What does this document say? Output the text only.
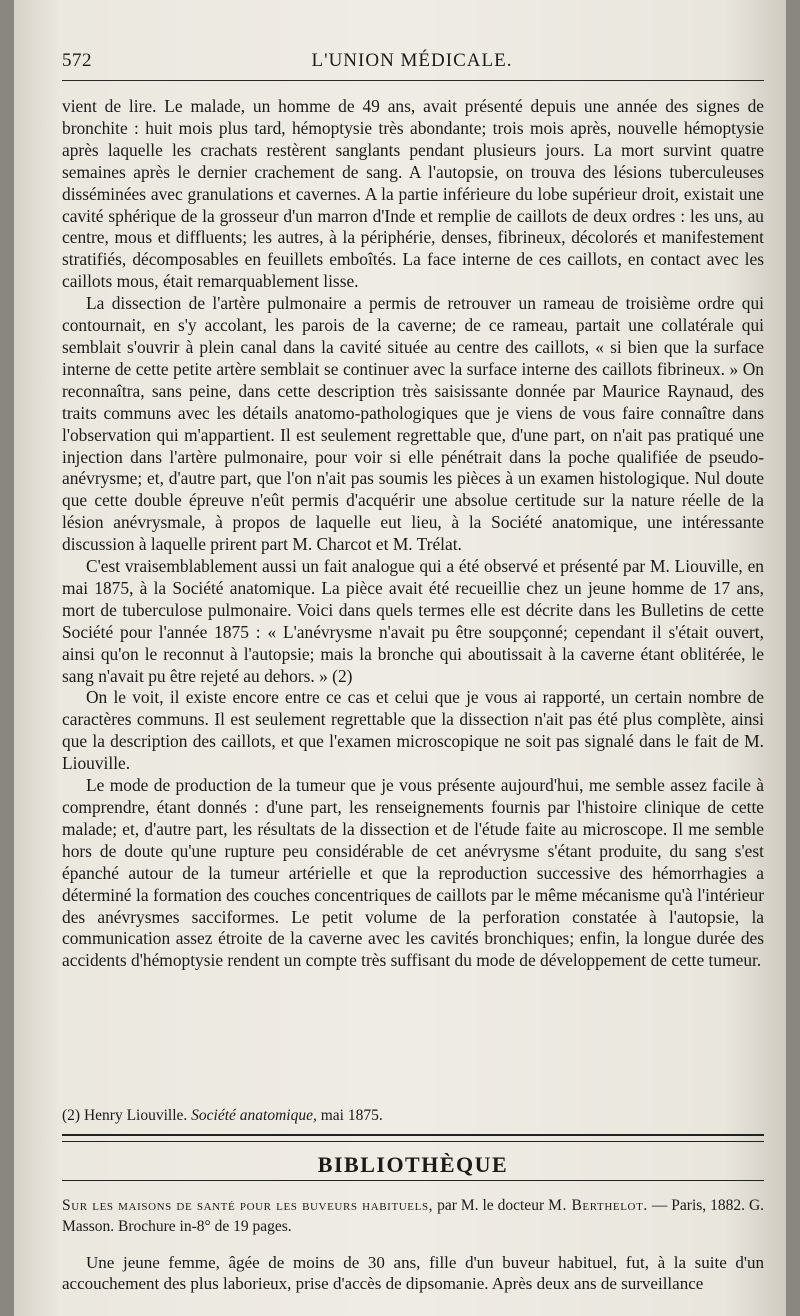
572	L'UNION MÉDICALE.

vient de lire. Le malade, un homme de 49 ans, avait présenté depuis une année des signes de bronchite : huit mois plus tard, hémoptysie très abondante; trois mois après, nouvelle hémoptysie après laquelle les crachats restèrent sanglants pendant plusieurs jours. La mort survint quatre semaines après le dernier crachement de sang. A l'autopsie, on trouva des lésions tuberculeuses disséminées avec granulations et cavernes. A la partie inférieure du lobe supérieur droit, existait une cavité sphérique de la grosseur d'un marron d'Inde et remplie de caillots de deux ordres : les uns, au centre, mous et diffluents; les autres, à la périphérie, denses, fibrineux, décolorés et manifestement stratifiés, décomposables en feuillets emboîtés. La face interne de ces caillots, en contact avec les caillots mous, était remarquablement lisse.

La dissection de l'artère pulmonaire a permis de retrouver un rameau de troisième ordre qui contournait, en s'y accolant, les parois de la caverne; de ce rameau, partait une collatérale qui semblait s'ouvrir à plein canal dans la cavité située au centre des caillots, « si bien que la surface interne de cette petite artère semblait se continuer avec la surface interne des caillots fibrineux. » On reconnaîtra, sans peine, dans cette description très saisissante donnée par Maurice Raynaud, des traits communs avec les détails anatomo-pathologiques que je viens de vous faire connaître dans l'observation qui m'appartient. Il est seulement regrettable que, d'une part, on n'ait pas pratiqué une injection dans l'artère pulmonaire, pour voir si elle pénétrait dans la poche qualifiée de pseudo-anévrysme; et, d'autre part, que l'on n'ait pas soumis les pièces à un examen histologique. Nul doute que cette double épreuve n'eût permis d'acquérir une absolue certitude sur la nature réelle de la lésion anévrysmale, à propos de laquelle eut lieu, à la Société anatomique, une intéressante discussion à laquelle prirent part M. Charcot et M. Trélat.

C'est vraisemblablement aussi un fait analogue qui a été observé et présenté par M. Liouville, en mai 1875, à la Société anatomique. La pièce avait été recueillie chez un jeune homme de 17 ans, mort de tuberculose pulmonaire. Voici dans quels termes elle est décrite dans les Bulletins de cette Société pour l'année 1875 : « L'anévrysme n'avait pu être soupçonné; cependant il s'était ouvert, ainsi qu'on le reconnut à l'autopsie; mais la bronche qui aboutissait à la caverne étant oblitérée, le sang n'avait pu être rejeté au dehors. » (2)

On le voit, il existe encore entre ce cas et celui que je vous ai rapporté, un certain nombre de caractères communs. Il est seulement regrettable que la dissection n'ait pas été plus complète, ainsi que la description des caillots, et que l'examen microscopique ne soit pas signalé dans le fait de M. Liouville.

Le mode de production de la tumeur que je vous présente aujourd'hui, me semble assez facile à comprendre, étant donnés : d'une part, les renseignements fournis par l'histoire clinique de cette malade; et, d'autre part, les résultats de la dissection et de l'étude faite au microscope. Il me semble hors de doute qu'une rupture peu considérable de cet anévrysme s'étant produite, du sang s'est épanché autour de la tumeur artérielle et que la reproduction successive des hémorrhagies a déterminé la formation des couches concentriques de caillots par le même mécanisme qu'à l'intérieur des anévrysmes sacciformes. Le petit volume de la perforation constatée à l'autopsie, la communication assez étroite de la caverne avec les cavités bronchiques; enfin, la longue durée des accidents d'hémoptysie rendent un compte très suffisant du mode de développement de cette tumeur.

(2) Henry Liouville. Société anatomique, mai 1875.
BIBLIOTHÈQUE
Sur les maisons de santé pour les buveurs habituels, par M. le docteur M. Berthelot. — Paris, 1882. G. Masson. Brochure in-8° de 19 pages.

Une jeune femme, âgée de moins de 30 ans, fille d'un buveur habituel, fut, à la suite d'un accouchement des plus laborieux, prise d'accès de dipsomanie. Après deux ans de surveillance
